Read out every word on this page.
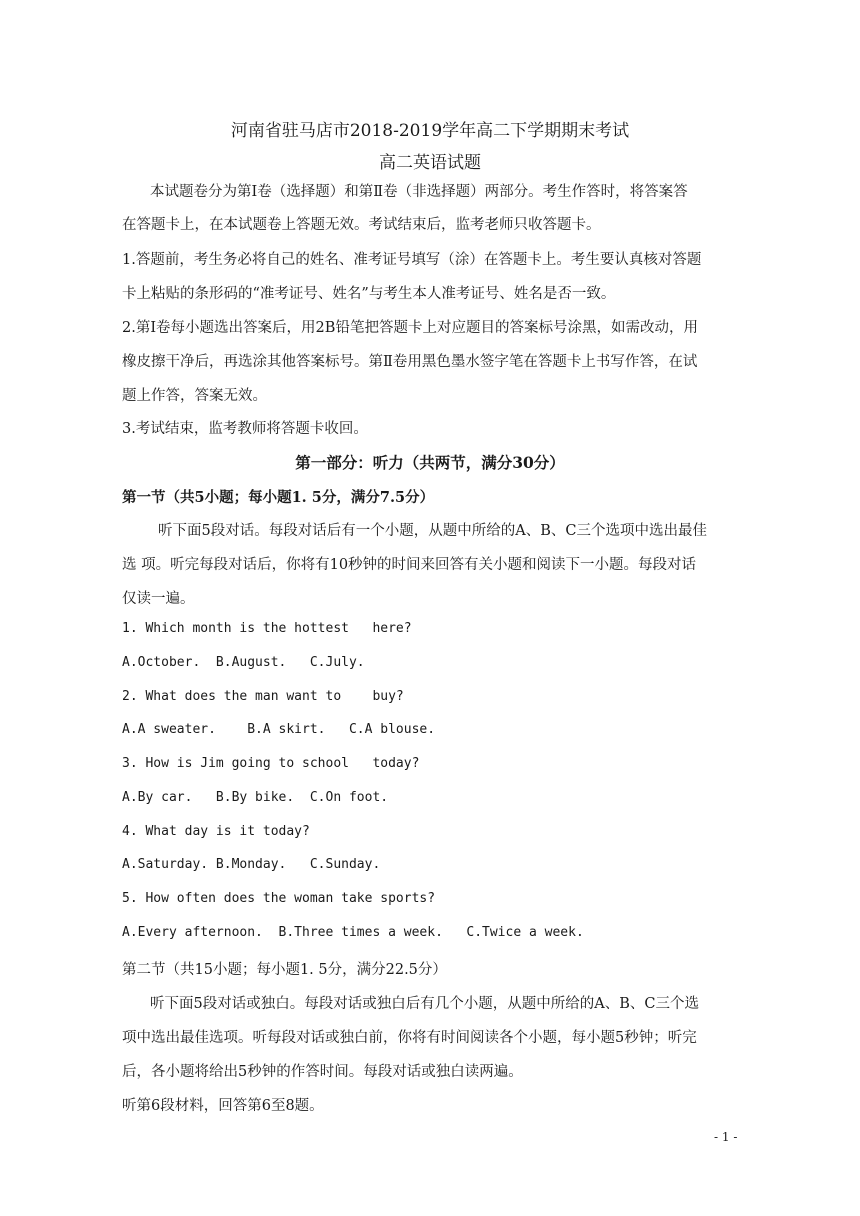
河南省驻马店市2018-2019学年高二下学期期末考试
高二英语试题
本试题卷分为第Ⅰ卷（选择题）和第Ⅱ卷（非选择题）两部分。考生作答时，将答案答
在答题卡上，在本试题卷上答题无效。考试结束后，监考老师只收答题卡。
1.答题前，考生务必将自己的姓名、准考证号填写（涂）在答题卡上。考生要认真核对答题
卡上粘贴的条形码的“准考证号、姓名”与考生本人准考证号、姓名是否一致。
2.第Ⅰ卷每小题选出答案后，用2B铅笔把答题卡上对应题目的答案标号涂黑，如需改动，用
橡皮擦干净后，再选涂其他答案标号。第Ⅱ卷用黑色墨水签字笔在答题卡上书写作答，在试
题上作答，答案无效。
3.考试结束，监考教师将答题卡收回。
第一部分：听力（共两节，满分30分）
第一节（共5小题；每小题1. 5分，满分7.5分）
听下面5段对话。每段对话后有一个小题，从题中所给的A、B、C三个选项中选出最佳
选 项。听完每段对话后，你将有10秒钟的时间来回答有关小题和阅读下一小题。每段对话
仅读一遍。
1. Which month is the hottest   here?
A.October.  B.August.   C.July.
2. What does the man want to    buy?
A.A sweater.    B.A skirt.   C.A blouse.
3. How is Jim going to school   today?
A.By car.   B.By bike.  C.On foot.
4. What day is it today?
A.Saturday. B.Monday.   C.Sunday.
5. How often does the woman take sports?
A.Every afternoon.  B.Three times a week.   C.Twice a week.
第二节（共15小题；每小题1. 5分，满分22.5分）
听下面5段对话或独白。每段对话或独白后有几个小题，从题中所给的A、B、C三个选
项中选出最佳选项。听每段对话或独白前，你将有时间阅读各个小题，每小题5秒钟；听完
后，各小题将给出5秒钟的作答时间。每段对话或独白读两遍。
听第6段材料，回答第6至8题。
- 1 -
